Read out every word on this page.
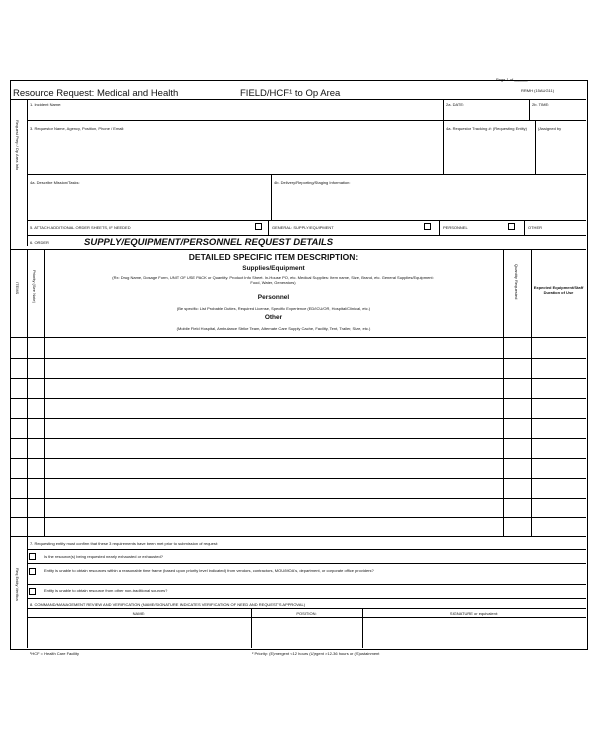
Page 1 of ______
Resource Request: Medical and Health	FIELD/HCF¹ to Op Area	RRMH (15AUG11)
Request Prep / Op Area Info
1. Incident Name:	2a. DATE:	2b. TIME:
3. Requestor Name, Agency, Position, Phone / Email:	4a. Requestor Tracking #: (Requesting Entity)	(Assigned by
4a. Describe Mission/Tasks:	4b. Delivery/Reporting/Staging Information:
5. ATTACH ADDITIONAL ORDER SHEETS, IF NEEDED	GENERAL: SUPPLY/EQUIPMENT	PERSONNEL	OTHER
6. ORDER	SUPPLY/EQUIPMENT/PERSONNEL REQUEST DETAILS
Priority (See Note)
ITEMS	Quantity Requested	Expected Equipment/Staff Duration of Use
DETAILED SPECIFIC ITEM DESCRIPTION:
Supplies/Equipment
(Rx: Drug Name, Dosage Form, UNIT OF USE PACK or Quantity. Product Info Sheet. In-House PO, etc. Medical Supplies: Item name, Size, Brand, etc. General Supplies/Equipment: Food, Water, Generators)
Personnel
(Be specific: List Probable Duties, Required License, Specific Experience (ED/ICU/OR, Hospital/Clinical, etc.)
Other
(Mobile Field Hospital, Ambulance Strike Team, Alternate Care Supply Cache, Facility, Tent, Trailer, Size, etc.)
Req Entity Verifica
7. Requesting entity must confirm that these 3 requirements have been met prior to submission of request:
Is the resource(s) being requested nearly exhausted or exhausted?
Entity is unable to obtain resources within a reasonable time frame (based upon priority level indicated) from vendors, contractors, MOU/MOA's, department, or corporate office providers?
Entity is unable to obtain resource from other non-traditional sources?
8. COMMAND/MANAGEMENT REVIEW AND VERIFICATION (NAME/SIGNATURE INDICATES VERIFICATION OF NEED AND REQUEST'S APPROVAL)
NAME:	POSITION:	SIGNATURE or equivalent:
¹HCF = Health Care Facility	² Priority: (E)mergent <12 hours (U)rgent >12-36 hours or (S)ustainment
